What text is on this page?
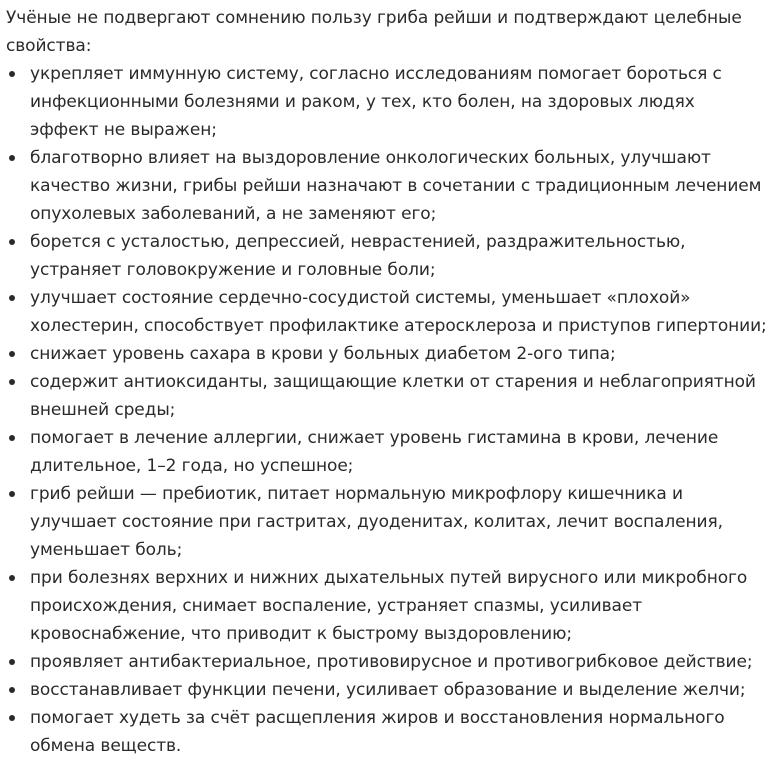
Учёные не подвергают сомнению пользу гриба рейши и подтверждают целебные свойства:

укрепляет иммунную систему, согласно исследованиям помогает бороться с инфекционными болезнями и раком, у тех, кто болен, на здоровых людях эффект не выражен;
благотворно влияет на выздоровление онкологических больных, улучшают качество жизни, грибы рейши назначают в сочетании с традиционным лечением опухолевых заболеваний, а не заменяют его;
борется с усталостью, депрессией, неврастенией, раздражительностью, устраняет головокружение и головные боли;
улучшает состояние сердечно-сосудистой системы, уменьшает «плохой» холестерин, способствует профилактике атеросклероза и приступов гипертонии;
снижает уровень сахара в крови у больных диабетом 2-ого типа;
содержит антиоксиданты, защищающие клетки от старения и неблагоприятной внешней среды;
помогает в лечение аллергии, снижает уровень гистамина в крови, лечение длительное, 1–2 года, но успешное;
гриб рейши — пребиотик, питает нормальную микрофлору кишечника и улучшает состояние при гастритах, дуоденитах, колитах, лечит воспаления, уменьшает боль;
при болезнях верхних и нижних дыхательных путей вирусного или микробного происхождения, снимает воспаление, устраняет спазмы, усиливает кровоснабжение, что приводит к быстрому выздоровлению;
проявляет антибактериальное, противовирусное и противогрибковое действие;
восстанавливает функции печени, усиливает образование и выделение желчи;
помогает худеть за счёт расщепления жиров и восстановления нормального обмена веществ.
